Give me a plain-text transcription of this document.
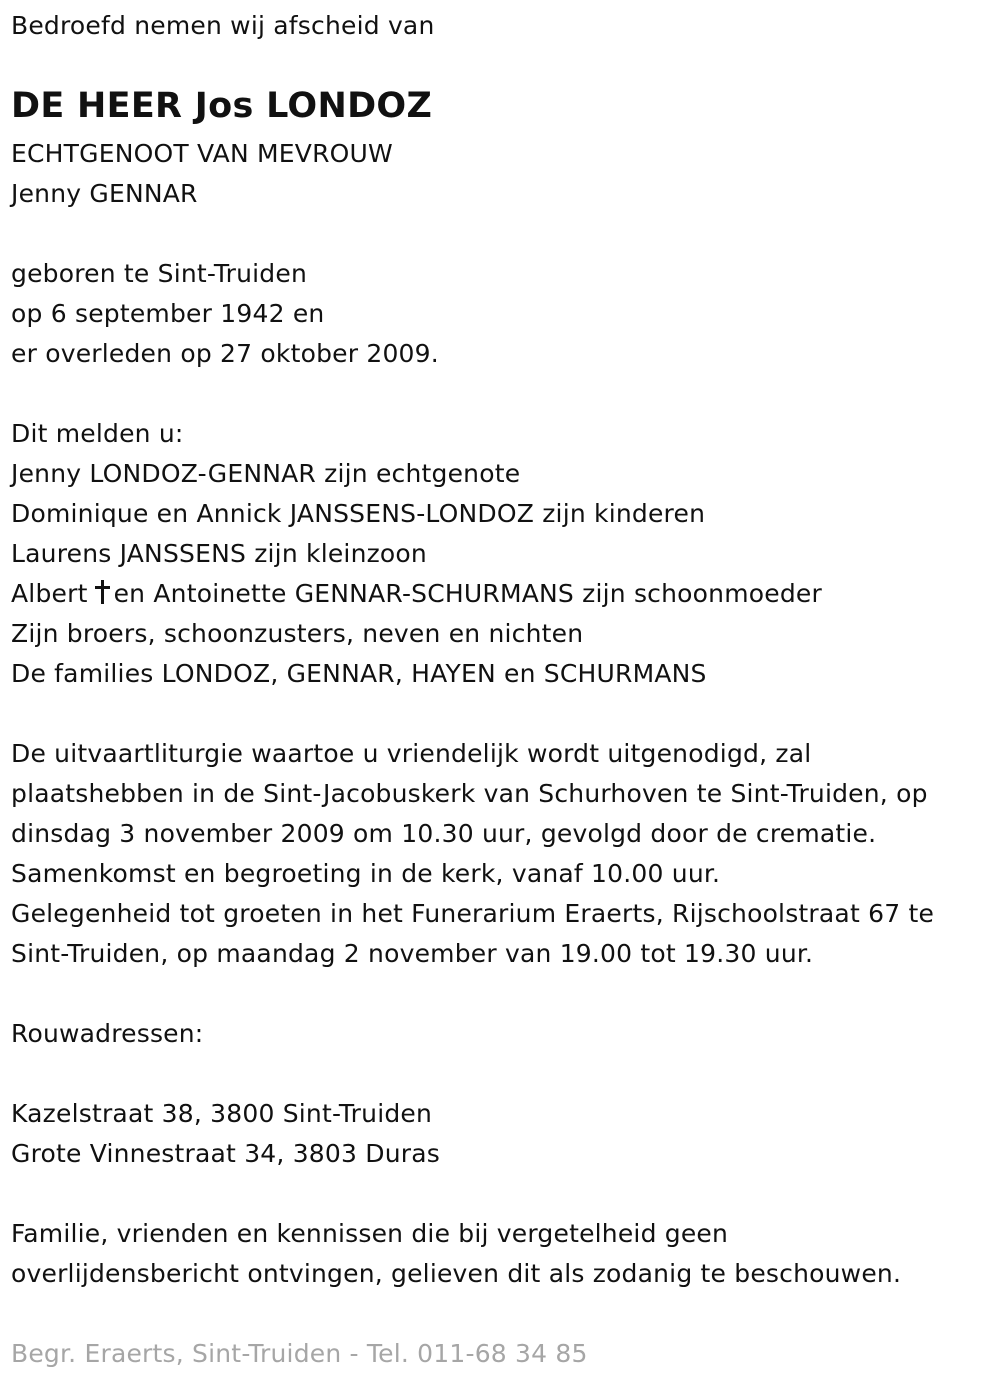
Bedroefd nemen wij afscheid van
DE HEER Jos LONDOZ
ECHTGENOOT VAN MEVROUW
Jenny GENNAR
geboren te Sint-Truiden
op 6 september 1942 en
er overleden op 27 oktober 2009.
Dit melden u:
Jenny LONDOZ-GENNAR zijn echtgenote
Dominique en Annick JANSSENS-LONDOZ zijn kinderen
Laurens JANSSENS zijn kleinzoon
Albert en Antoinette GENNAR-SCHURMANS zijn schoonmoeder
Zijn broers, schoonzusters, neven en nichten
De families LONDOZ, GENNAR, HAYEN en SCHURMANS
De uitvaartliturgie waartoe u vriendelijk wordt uitgenodigd, zal
plaatshebben in de Sint-Jacobuskerk van Schurhoven te Sint-Truiden, op
dinsdag 3 november 2009 om 10.30 uur, gevolgd door de crematie.
Samenkomst en begroeting in de kerk, vanaf 10.00 uur.
Gelegenheid tot groeten in het Funerarium Eraerts, Rijschoolstraat 67 te
Sint-Truiden, op maandag 2 november van 19.00 tot 19.30 uur.
Rouwadressen:
Kazelstraat 38, 3800 Sint-Truiden
Grote Vinnestraat 34, 3803 Duras
Familie, vrienden en kennissen die bij vergetelheid geen
overlijdensbericht ontvingen, gelieven dit als zodanig te beschouwen.
Begr. Eraerts, Sint-Truiden - Tel. 011-68 34 85
